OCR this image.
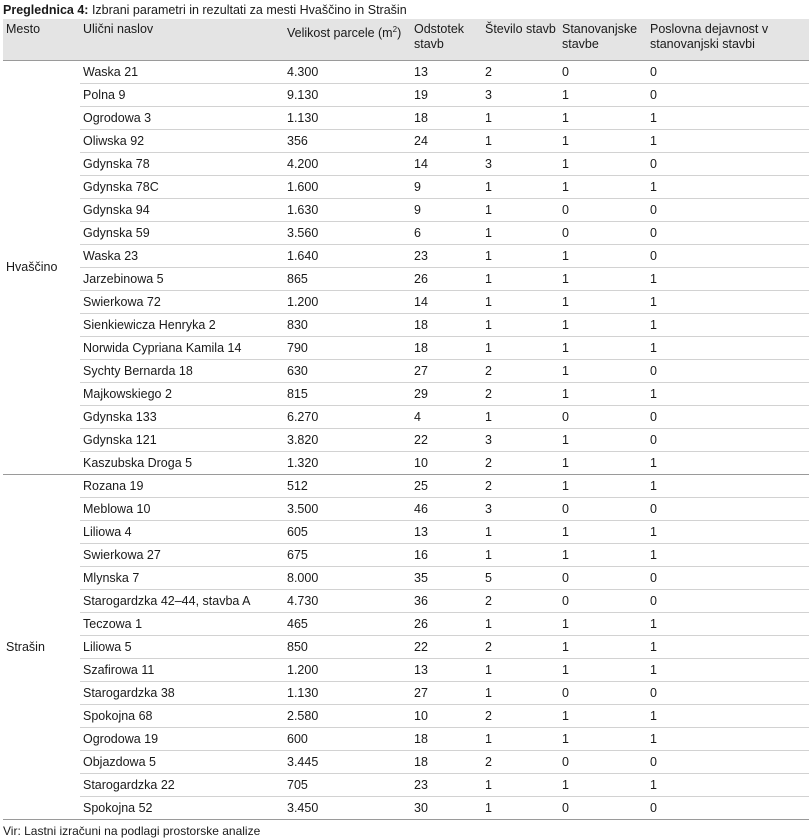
Preglednica 4: Izbrani parametri in rezultati za mesti Hvaščino in Strašin
Mesto	Ulični naslov	Velikost parcele $(m^2)$	Odstotek stavb	Število stavb	Stanovanjske stavbe	Poslovna dejavnost v stanovanjski stavbi
Hvaščino	Waska 21	4.300	13	2	0	0
	Polna 9	9.130	19	3	1	0
	Ogrodowa 3	1.130	18	1	1	1
	Oliwska 92	356	24	1	1	1
	Gdynska 78	4.200	14	3	1	0
	Gdynska 78C	1.600	9	1	1	1
	Gdynska 94	1.630	9	1	0	0
	Gdynska 59	3.560	6	1	0	0
	Waska 23	1.640	23	1	1	0
	Jarzebinowa 5	865	26	1	1	1
	Swierkowa 72	1.200	14	1	1	1
	Sienkiewicza Henryka 2	830	18	1	1	1
	Norwida Cypriana Kamila 14	790	18	1	1	1
	Sychty Bernarda 18	630	27	2	1	0
	Majkowskiego 2	815	29	2	1	1
	Gdynska 133	6.270	4	1	0	0
	Gdynska 121	3.820	22	3	1	0
	Kaszubska Droga 5	1.320	10	2	1	1
Strašin	Rozana 19	512	25	2	1	1
	Meblowa 10	3.500	46	3	0	0
	Liliowa 4	605	13	1	1	1
	Swierkowa 27	675	16	1	1	1
	Mlynska 7	8.000	35	5	0	0
	Starogardzka 42–44, stavba A	4.730	36	2	0	0
	Teczowa 1	465	26	1	1	1
	Liliowa 5	850	22	2	1	1
	Szafirowa 11	1.200	13	1	1	1
	Starogardzka 38	1.130	27	1	0	0
	Spokojna 68	2.580	10	2	1	1
	Ogrodowa 19	600	18	1	1	1
	Objazdowa 5	3.445	18	2	0	0
	Starogardzka 22	705	23	1	1	1
	Spokojna 52	3.450	30	1	0	0
Vir: Lastni izračuni na podlagi prostorske analize
